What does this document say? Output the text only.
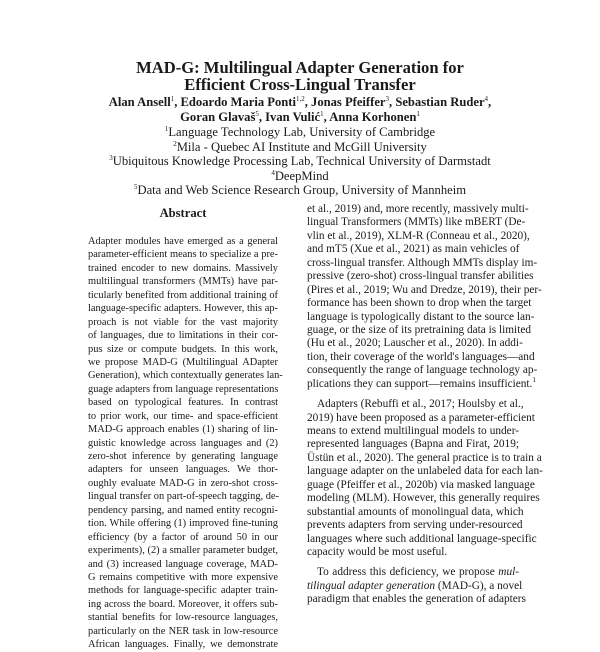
MAD-G: Multilingual Adapter Generation for
Efficient Cross-Lingual Transfer
Alan Ansell$^1$, Edoardo Maria Ponti$^{1,2}$, Jonas Pfeiffer$^3$, Sebastian Ruder$^4$,
Goran Glavaš$^5$, Ivan Vulić$^1$, Anna Korhonen$^1$
$^1$Language Technology Lab, University of Cambridge
$^2$Mila - Quebec AI Institute and McGill University
$^3$Ubiquitous Knowledge Processing Lab, Technical University of Darmstadt
$^4$DeepMind
$^5$Data and Web Science Research Group, University of Mannheim
Abstract
Adapter modules have emerged as a general
parameter-efficient means to specialize a pre-
trained encoder to new domains. Massively
multilingual transformers (MMTs) have par-
ticularly benefited from additional training of
language-specific adapters. However, this ap-
proach is not viable for the vast majority
of languages, due to limitations in their cor-
pus size or compute budgets. In this work,
we propose MAD-G (Multilingual ADapter
Generation), which contextually generates lan-
guage adapters from language representations
based on typological features. In contrast
to prior work, our time- and space-efficient
MAD-G approach enables (1) sharing of lin-
guistic knowledge across languages and (2)
zero-shot inference by generating language
adapters for unseen languages. We thor-
oughly evaluate MAD-G in zero-shot cross-
lingual transfer on part-of-speech tagging, de-
pendency parsing, and named entity recogni-
tion. While offering (1) improved fine-tuning
efficiency (by a factor of around 50 in our
experiments), (2) a smaller parameter budget,
and (3) increased language coverage, MAD-
G remains competitive with more expensive
methods for language-specific adapter train-
ing across the board. Moreover, it offers sub-
stantial benefits for low-resource languages,
particularly on the NER task in low-resource
African languages. Finally, we demonstrate
et al., 2019) and, more recently, massively multi-
lingual Transformers (MMTs) like mBERT (De-
vlin et al., 2019), XLM-R (Conneau et al., 2020),
and mT5 (Xue et al., 2021) as main vehicles of
cross-lingual transfer. Although MMTs display im-
pressive (zero-shot) cross-lingual transfer abilities
(Pires et al., 2019; Wu and Dredze, 2019), their per-
formance has been shown to drop when the target
language is typologically distant to the source lan-
guage, or the size of its pretraining data is limited
(Hu et al., 2020; Lauscher et al., 2020). In addi-
tion, their coverage of the world's languages—and
consequently the range of language technology ap-
plications they can support—remains insufficient.$^1$
Adapters (Rebuffi et al., 2017; Houlsby et al.,
2019) have been proposed as a parameter-efficient
means to extend multilingual models to under-
represented languages (Bapna and Firat, 2019;
Üstün et al., 2020). The general practice is to train a
language adapter on the unlabeled data for each lan-
guage (Pfeiffer et al., 2020b) via masked language
modeling (MLM). However, this generally requires
substantial amounts of monolingual data, which
prevents adapters from serving under-resourced
languages where such additional language-specific
capacity would be most useful.
To address this deficiency, we propose mul-
tilingual adapter generation (MAD-G), a novel
paradigm that enables the generation of adapters
